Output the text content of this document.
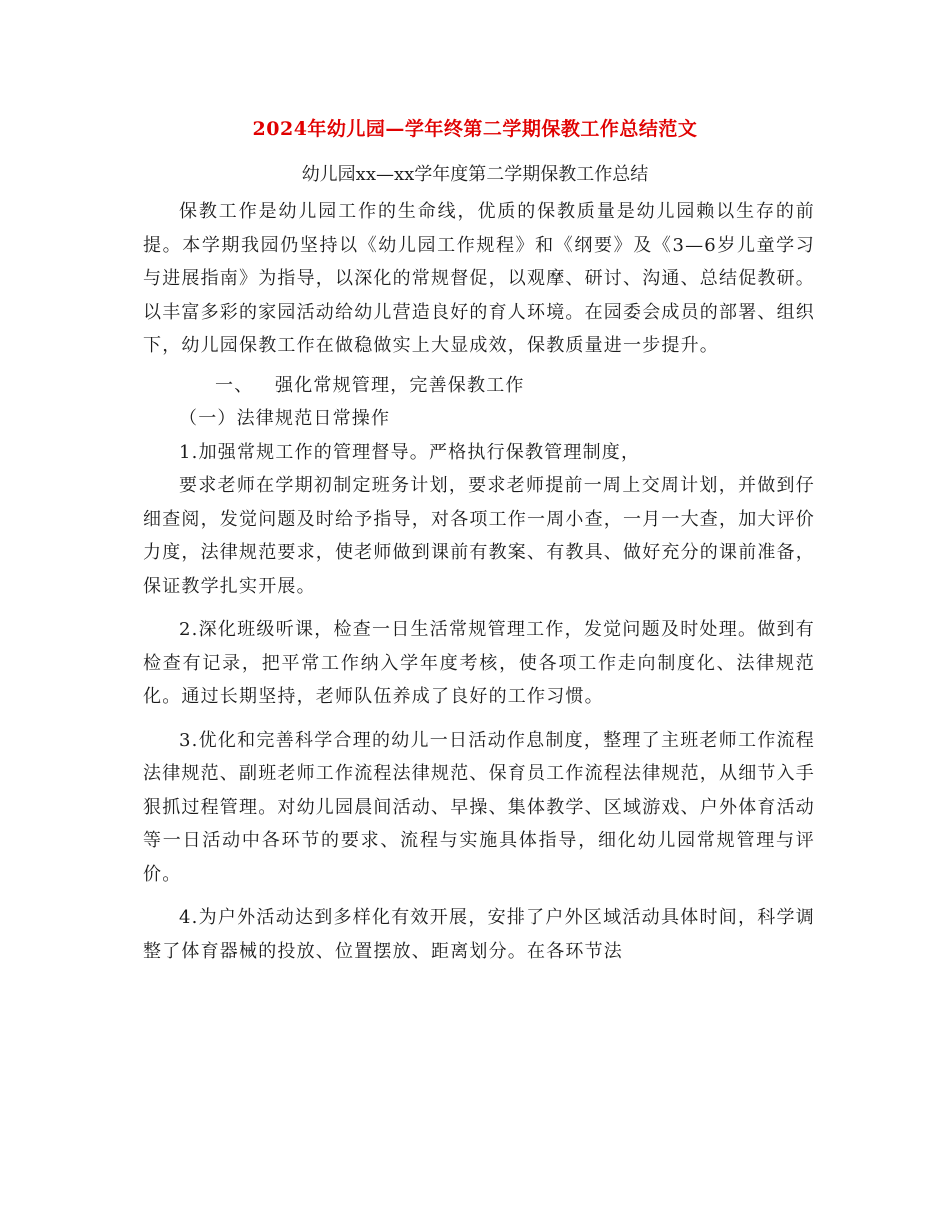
2024年幼儿园—学年终第二学期保教工作总结范文
幼儿园xx—xx学年度第二学期保教工作总结

保教工作是幼儿园工作的生命线，优质的保教质量是幼儿园赖以生存的前提。本学期我园仍坚持以《幼儿园工作规程》和《纲要》及《3—6岁儿童学习与进展指南》为指导，以深化的常规督促，以观摩、研讨、沟通、总结促教研。以丰富多彩的家园活动给幼儿营造良好的育人环境。在园委会成员的部署、组织下，幼儿园保教工作在做稳做实上大显成效，保教质量进一步提升。

一、 强化常规管理，完善保教工作

（一）法律规范日常操作

1.加强常规工作的管理督导。严格执行保教管理制度，

要求老师在学期初制定班务计划，要求老师提前一周上交周计划，并做到仔细查阅，发觉问题及时给予指导，对各项工作一周小查，一月一大查，加大评价力度，法律规范要求，使老师做到课前有教案、有教具、做好充分的课前准备，保证教学扎实开展。

2.深化班级听课，检查一日生活常规管理工作，发觉问题及时处理。做到有检查有记录，把平常工作纳入学年度考核，使各项工作走向制度化、法律规范化。通过长期坚持，老师队伍养成了良好的工作习惯。

3.优化和完善科学合理的幼儿一日活动作息制度，整理了主班老师工作流程法律规范、副班老师工作流程法律规范、保育员工作流程法律规范，从细节入手狠抓过程管理。对幼儿园晨间活动、早操、集体教学、区域游戏、户外体育活动等一日活动中各环节的要求、流程与实施具体指导，细化幼儿园常规管理与评价。

4.为户外活动达到多样化有效开展，安排了户外区域活动具体时间，科学调整了体育器械的投放、位置摆放、距离划分。在各环节法
